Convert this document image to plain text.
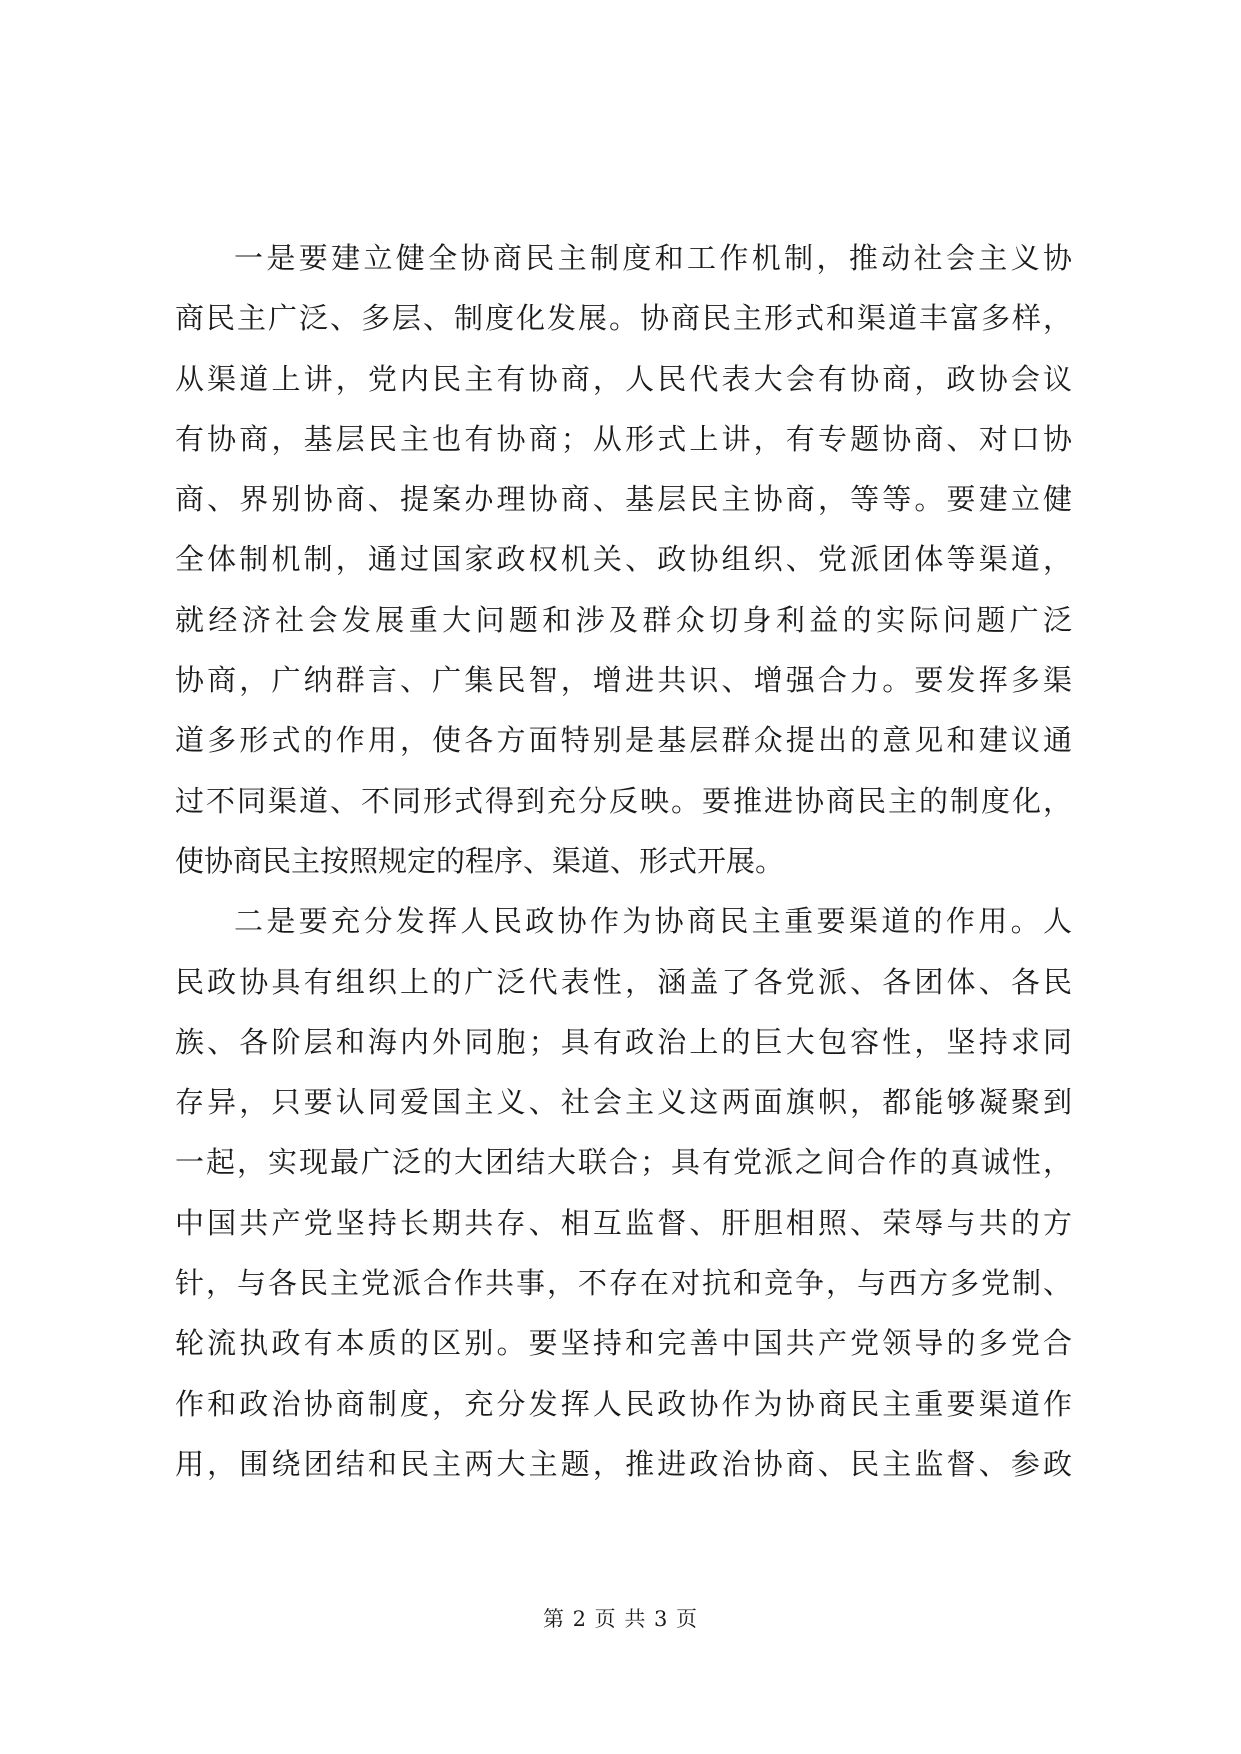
一是要建立健全协商民主制度和工作机制，推动社会主义协
商民主广泛、多层、制度化发展。协商民主形式和渠道丰富多样，
从渠道上讲，党内民主有协商，人民代表大会有协商，政协会议
有协商，基层民主也有协商；从形式上讲，有专题协商、对口协
商、界别协商、提案办理协商、基层民主协商，等等。要建立健
全体制机制，通过国家政权机关、政协组织、党派团体等渠道，
就经济社会发展重大问题和涉及群众切身利益的实际问题广泛
协商，广纳群言、广集民智，增进共识、增强合力。要发挥多渠
道多形式的作用，使各方面特别是基层群众提出的意见和建议通
过不同渠道、不同形式得到充分反映。要推进协商民主的制度化，
使协商民主按照规定的程序、渠道、形式开展。

二是要充分发挥人民政协作为协商民主重要渠道的作用。人
民政协具有组织上的广泛代表性，涵盖了各党派、各团体、各民
族、各阶层和海内外同胞；具有政治上的巨大包容性，坚持求同
存异，只要认同爱国主义、社会主义这两面旗帜，都能够凝聚到
一起，实现最广泛的大团结大联合；具有党派之间合作的真诚性，
中国共产党坚持长期共存、相互监督、肝胆相照、荣辱与共的方
针，与各民主党派合作共事，不存在对抗和竞争，与西方多党制、
轮流执政有本质的区别。要坚持和完善中国共产党领导的多党合
作和政治协商制度，充分发挥人民政协作为协商民主重要渠道作
用，围绕团结和民主两大主题，推进政治协商、民主监督、参政

第 2 页 共 3 页
